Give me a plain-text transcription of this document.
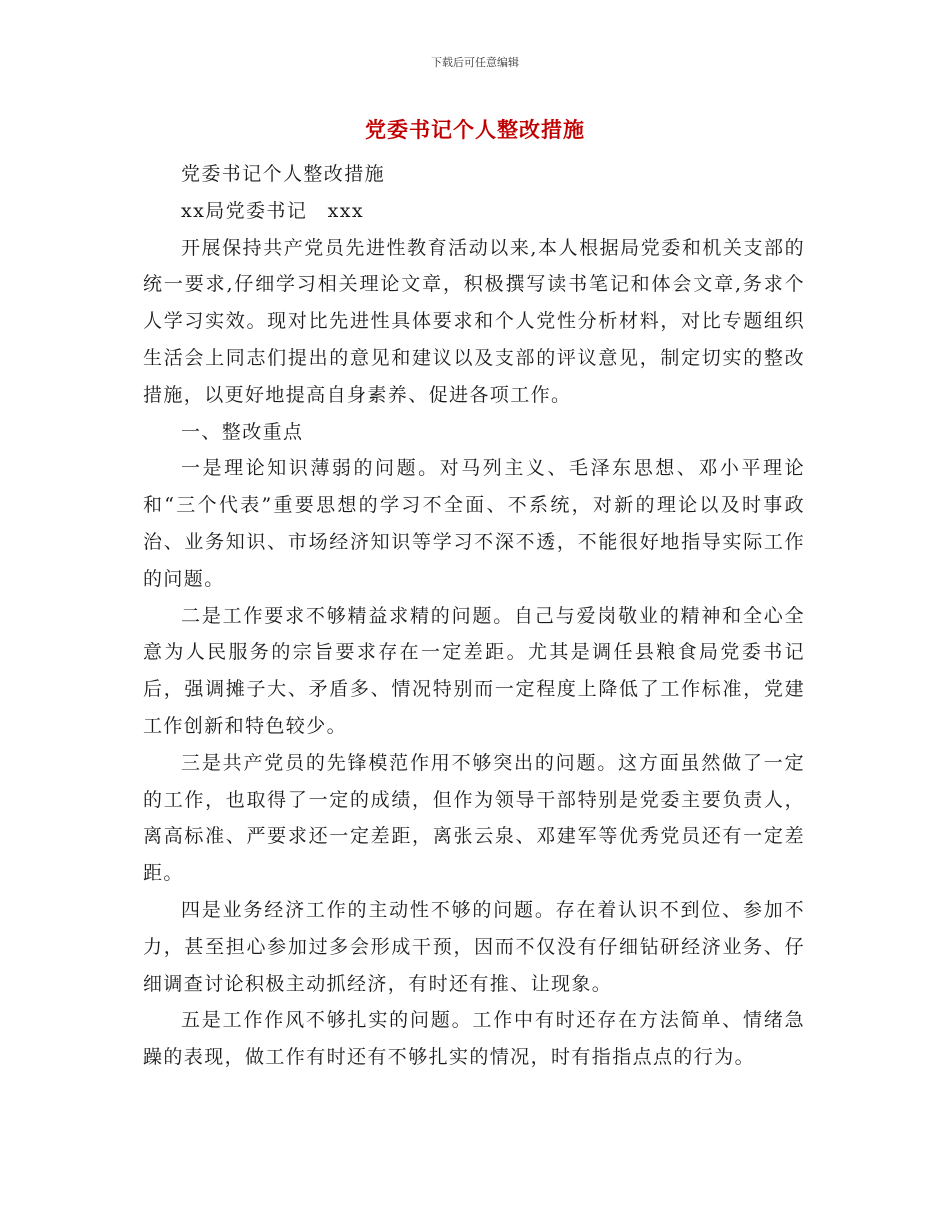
下载后可任意编辑
党委书记个人整改措施

党委书记个人整改措施

xx局党委书记　xxx

开展保持共产党员先进性教育活动以来,本人根据局党委和机关支部的统一要求,仔细学习相关理论文章，积极撰写读书笔记和体会文章,务求个人学习实效。现对比先进性具体要求和个人党性分析材料，对比专题组织生活会上同志们提出的意见和建议以及支部的评议意见，制定切实的整改措施，以更好地提高自身素养、促进各项工作。

一、整改重点

一是理论知识薄弱的问题。对马列主义、毛泽东思想、邓小平理论和“三个代表”重要思想的学习不全面、不系统，对新的理论以及时事政治、业务知识、市场经济知识等学习不深不透，不能很好地指导实际工作的问题。

二是工作要求不够精益求精的问题。自己与爱岗敬业的精神和全心全意为人民服务的宗旨要求存在一定差距。尤其是调任县粮食局党委书记后，强调摊子大、矛盾多、情况特别而一定程度上降低了工作标准，党建工作创新和特色较少。

三是共产党员的先锋模范作用不够突出的问题。这方面虽然做了一定的工作，也取得了一定的成绩，但作为领导干部特别是党委主要负责人，离高标准、严要求还一定差距，离张云泉、邓建军等优秀党员还有一定差距。

四是业务经济工作的主动性不够的问题。存在着认识不到位、参加不力，甚至担心参加过多会形成干预，因而不仅没有仔细钻研经济业务、仔细调查讨论积极主动抓经济，有时还有推、让现象。

五是工作作风不够扎实的问题。工作中有时还存在方法简单、情绪急躁的表现，做工作有时还有不够扎实的情况，时有指指点点的行为。
